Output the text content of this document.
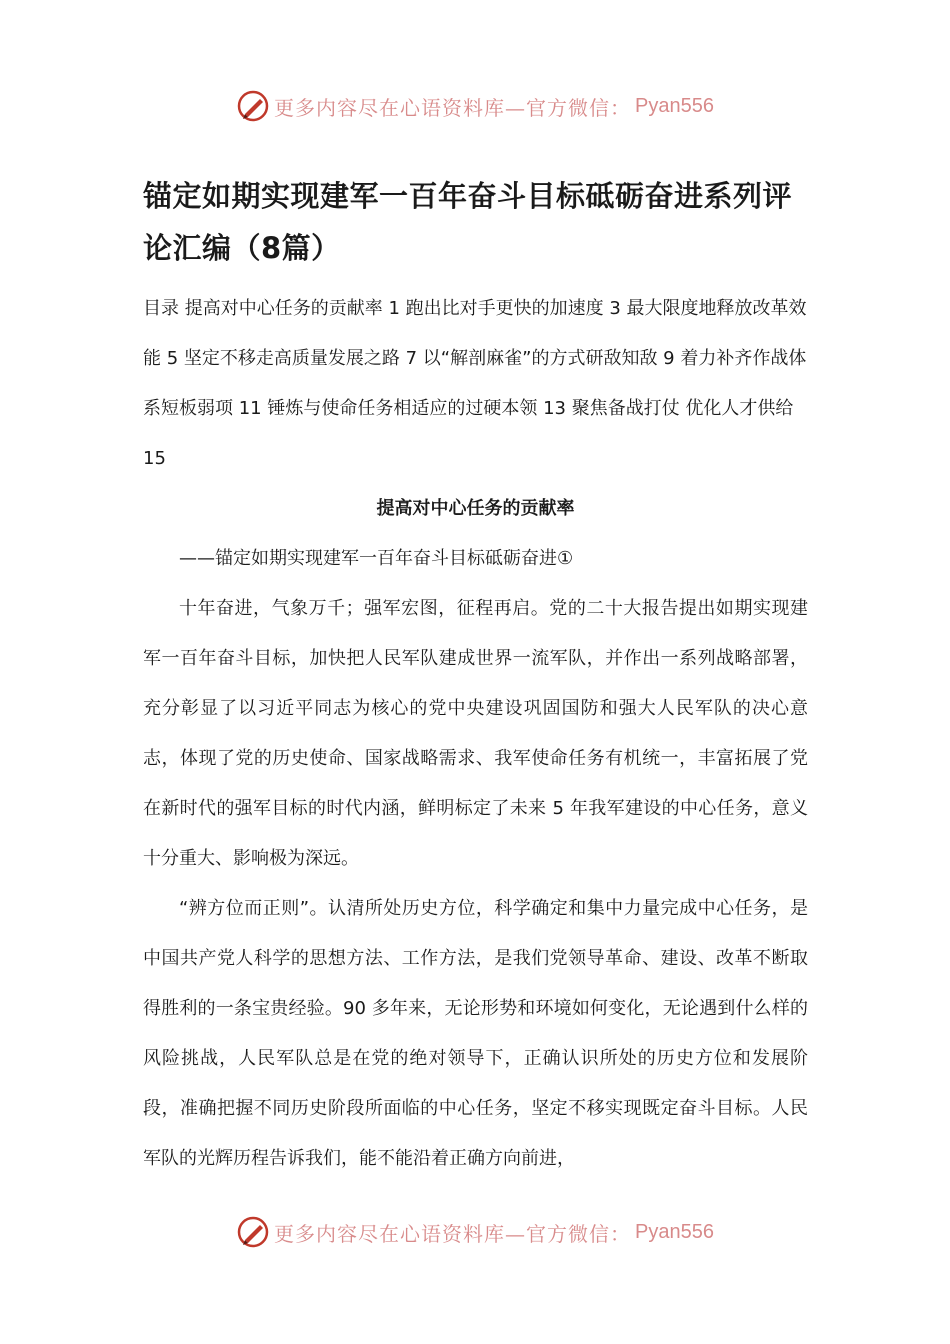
更多内容尽在心语资料库—官方微信： Pyan556
锚定如期实现建军一百年奋斗目标砥砺奋进系列评论汇编（8篇）

目录 提高对中心任务的贡献率 1 跑出比对手更快的加速度 3 最大限度地释放改革效能 5 坚定不移走高质量发展之路 7 以“解剖麻雀”的方式研敌知敌 9 着力补齐作战体系短板弱项 11 锤炼与使命任务相适应的过硬本领 13 聚焦备战打仗 优化人才供给 15

提高对中心任务的贡献率

——锚定如期实现建军一百年奋斗目标砥砺奋进①

十年奋进，气象万千；强军宏图，征程再启。党的二十大报告提出如期实现建军一百年奋斗目标，加快把人民军队建成世界一流军队，并作出一系列战略部署，充分彰显了以习近平同志为核心的党中央建设巩固国防和强大人民军队的决心意志，体现了党的历史使命、国家战略需求、我军使命任务有机统一，丰富拓展了党在新时代的强军目标的时代内涵，鲜明标定了未来 5 年我军建设的中心任务，意义十分重大、影响极为深远。

“辨方位而正则”。认清所处历史方位，科学确定和集中力量完成中心任务，是中国共产党人科学的思想方法、工作方法，是我们党领导革命、建设、改革不断取得胜利的一条宝贵经验。90 多年来，无论形势和环境如何变化，无论遇到什么样的风险挑战，人民军队总是在党的绝对领导下，正确认识所处的历史方位和发展阶段，准确把握不同历史阶段所面临的中心任务，坚定不移实现既定奋斗目标。人民军队的光辉历程告诉我们，能不能沿着正确方向前进，

更多内容尽在心语资料库—官方微信： Pyan556
